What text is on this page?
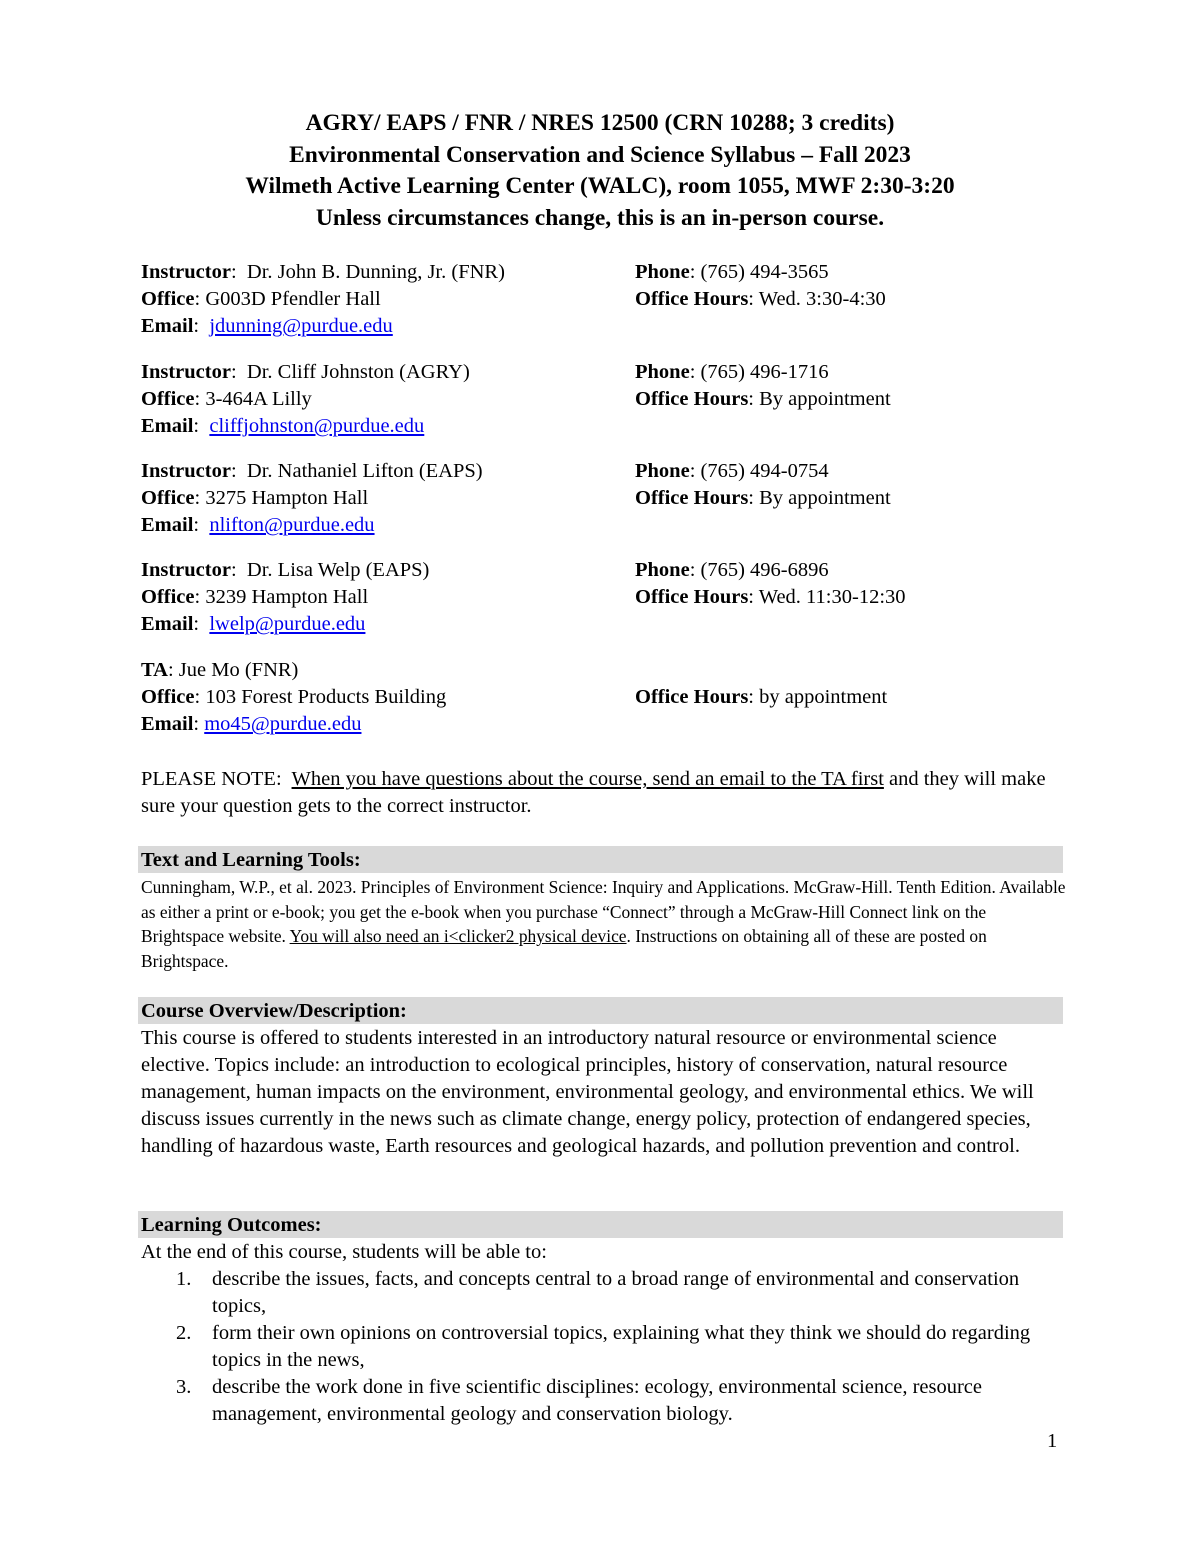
AGRY/ EAPS / FNR / NRES 12500 (CRN 10288; 3 credits)
Environmental Conservation and Science Syllabus – Fall 2023
Wilmeth Active Learning Center (WALC), room 1055, MWF 2:30-3:20
Unless circumstances change, this is an in-person course.
Instructor:  Dr. John B. Dunning, Jr. (FNR)
Office: G003D Pfendler Hall
Email:  jdunning@purdue.edu
Phone: (765) 494-3565
Office Hours: Wed. 3:30-4:30
Instructor:  Dr. Cliff Johnston (AGRY)
Office: 3-464A Lilly
Email:  cliffjohnston@purdue.edu
Phone: (765) 496-1716
Office Hours: By appointment
Instructor:  Dr. Nathaniel Lifton (EAPS)
Office: 3275 Hampton Hall
Email:  nlifton@purdue.edu
Phone: (765) 494-0754
Office Hours: By appointment
Instructor:  Dr. Lisa Welp (EAPS)
Office: 3239 Hampton Hall
Email:  lwelp@purdue.edu
Phone: (765) 496-6896
Office Hours: Wed. 11:30-12:30
TA: Jue Mo (FNR)
Office: 103 Forest Products Building
Email: mo45@purdue.edu
Office Hours: by appointment
PLEASE NOTE: When you have questions about the course, send an email to the TA first and they will make sure your question gets to the correct instructor.
Text and Learning Tools:
Cunningham, W.P., et al. 2023. Principles of Environment Science: Inquiry and Applications. McGraw-Hill. Tenth Edition. Available as either a print or e-book; you get the e-book when you purchase “Connect” through a McGraw-Hill Connect link on the Brightspace website. You will also need an i<clicker2 physical device. Instructions on obtaining all of these are posted on Brightspace.
Course Overview/Description:
This course is offered to students interested in an introductory natural resource or environmental science elective. Topics include: an introduction to ecological principles, history of conservation, natural resource management, human impacts on the environment, environmental geology, and environmental ethics. We will discuss issues currently in the news such as climate change, energy policy, protection of endangered species, handling of hazardous waste, Earth resources and geological hazards, and pollution prevention and control.
Learning Outcomes:
At the end of this course, students will be able to:
1. describe the issues, facts, and concepts central to a broad range of environmental and conservation topics,
2. form their own opinions on controversial topics, explaining what they think we should do regarding topics in the news,
3. describe the work done in five scientific disciplines: ecology, environmental science, resource management, environmental geology and conservation biology.
1
